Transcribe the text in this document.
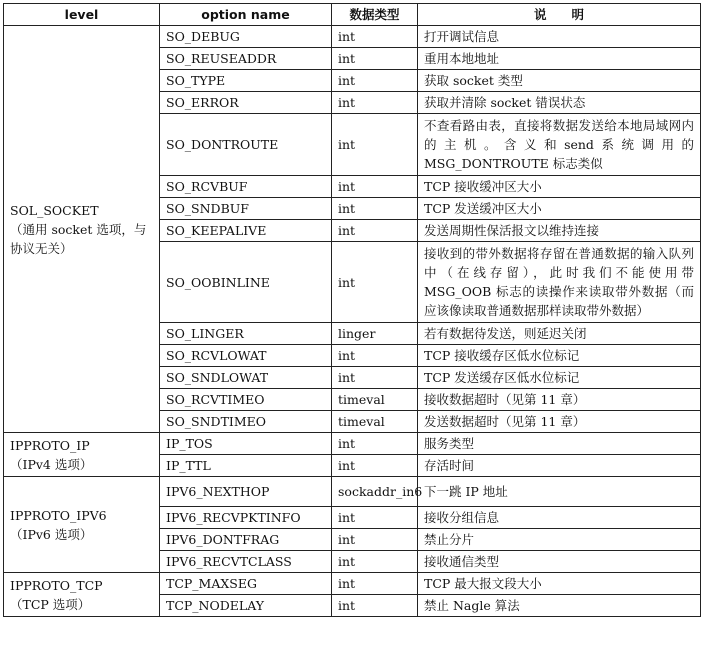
level	option name	数据类型	说　　明

SOL_SOCKET
（通用 socket 选项，与
协议无关）	SO_DEBUG	int	打开调试信息
	SO_REUSEADDR	int	重用本地地址
	SO_TYPE	int	获取 socket 类型
	SO_ERROR	int	获取并清除 socket 错误状态
	SO_DONTROUTE	int	不查看路由表，直接将数据发送给本地局域网内的主机。含义和send系统调用的MSG_DONTROUTE 标志类似
	SO_RCVBUF	int	TCP 接收缓冲区大小
	SO_SNDBUF	int	TCP 发送缓冲区大小
	SO_KEEPALIVE	int	发送周期性保活报文以维持连接
	SO_OOBINLINE	int	接收到的带外数据将存留在普通数据的输入队列中（在线存留），此时我们不能使用带 MSG_OOB 标志的读操作来读取带外数据（而应该像读取普通数据那样读取带外数据）
	SO_LINGER	linger	若有数据待发送，则延迟关闭
	SO_RCVLOWAT	int	TCP 接收缓存区低水位标记
	SO_SNDLOWAT	int	TCP 发送缓存区低水位标记
	SO_RCVTIMEO	timeval	接收数据超时（见第 11 章）
	SO_SNDTIMEO	timeval	发送数据超时（见第 11 章）

IPPROTO_IP
（IPv4 选项）	IP_TOS	int	服务类型
	IP_TTL	int	存活时间

IPPROTO_IPV6
（IPv6 选项）	IPV6_NEXTHOP	sockaddr_in6	下一跳 IP 地址
	IPV6_RECVPKTINFO	int	接收分组信息
	IPV6_DONTFRAG	int	禁止分片
	IPV6_RECVTCLASS	int	接收通信类型

IPPROTO_TCP
（TCP 选项）	TCP_MAXSEG	int	TCP 最大报文段大小
	TCP_NODELAY	int	禁止 Nagle 算法
